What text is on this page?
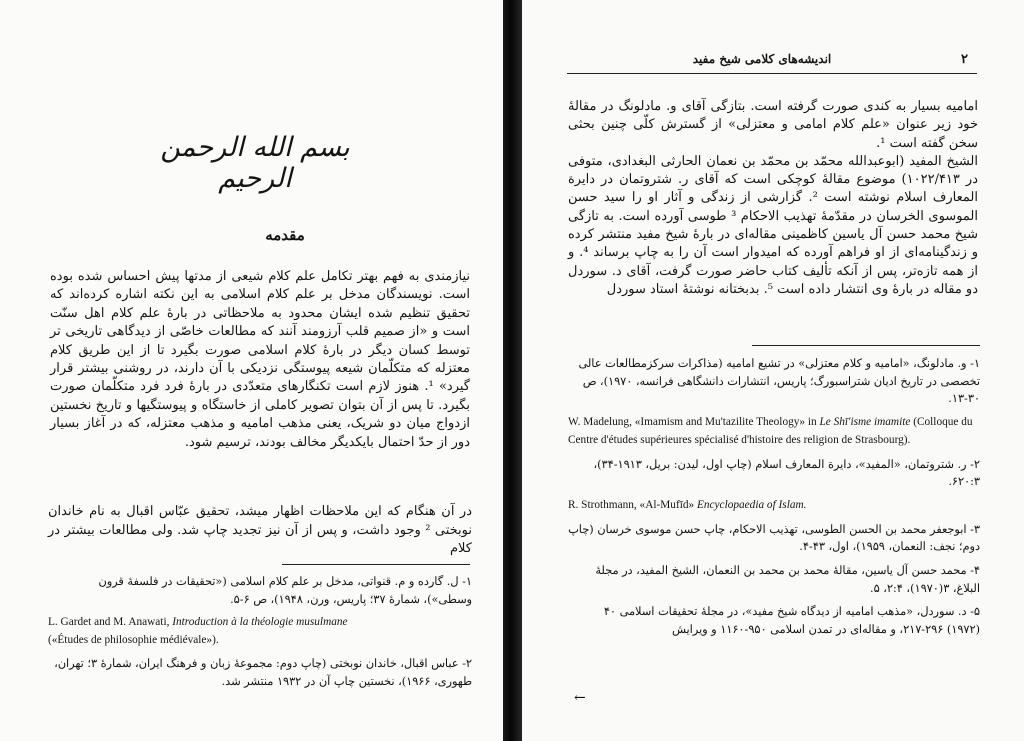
بسم الله الرحمن الرحيم
مقدمه

نیازمندی به فهم بهتر تکامل علم کلام شیعی از مدتها پیش احساس شده بوده است. نویسندگان مدخل بر علم کلام اسلامی به این نکته اشاره کرده‌اند که تحقیق تنظیم شده ایشان محدود به ملاحظاتی در بارهٔ علم کلام اهل سنّت است و «از صمیم قلب آرزومند آنند که مطالعات خاصّی از دیدگاهی تاریخی تر توسط کسان دیگر در بارهٔ کلام اسلامی صورت بگیرد تا از این طریق کلام معتزله که متکلّمان شیعه پیوستگی نزدیکی با آن دارند، در روشنی بیشتر قرار گیرد» ¹. هنوز لازم است تکنگارهای متعدّدی در بارهٔ فرد فرد متکلّمان صورت بگیرد. تا پس از آن بتوان تصویر کاملی از خاستگاه و پیوستگیها و تاریخ نخستین ازدواج میان دو شریک، یعنی مذهب امامیه و مذهب معتزله، که در آغاز بسیار دور از حدّ احتمال بایکدیگر مخالف بودند، ترسیم شود.

در آن هنگام که این ملاحظات اظهار میشد، تحقیق عبّاس اقبال به نام خاندان نوبختی ² وجود داشت، و پس از آن نیز تجدید چاپ شد. ولی مطالعات بیشتر در کلام

۱- ل. گارده و م. قنواتی، مدخل بر علم کلام اسلامی («تحقیقات در فلسفهٔ قرون وسطی»)، شمارهٔ ۳۷؛ پاریس، ورن، ۱۹۴۸)، ص ۶-۵.

L. Gardet and M. Anawati, Introduction à la théologie musulmane
(«Études de philosophie médiévale»).

۲- عباس اقبال، خاندان نوبختی (چاپ دوم: مجموعهٔ زبان و فرهنگ ایران، شمارهٔ ۳؛ تهران، طهوری، ۱۹۶۶)، نخستین چاپ آن در ۱۹۳۲ منتشر شد.

۲
اندیشه‌های کلامی شیخ مفید

امامیه بسیار به کندی صورت گرفته است. بتازگی آقای و. مادلونگ در مقالهٔ خود زیر عنوان «علم کلام امامی و معتزلی» از گسترش کلّی چنین بحثی سخن گفته است ¹.

الشیخ المفید (ابوعبدالله محمّد بن محمّد بن نعمان الحارثی البغدادی، متوفی در ۱۰۲۲/۴۱۳) موضوع مقالهٔ کوچکی است که آقای ر. شتروتمان در دایرة المعارف اسلام نوشته است ². گزارشی از زندگی و آثار او را سید حسن الموسوی الخرسان در مقدّمهٔ تهذیب الاحکام ³ طوسی آورده است. به تازگی شیخ محمد حسن آل یاسین کاظمینی مقاله‌ای در بارهٔ شیخ مفید منتشر کرده و زندگینامه‌ای از او فراهم آورده که امیدوار است آن را به چاپ برساند ⁴. و از همه تازه‌تر، پس از آنکه تألیف کتاب حاضر صورت گرفت، آقای د. سوردل دو مقاله در بارهٔ وی انتشار داده است ⁵. بدبختانه نوشتهٔ استاد سوردل

۱- و. مادلونگ، «امامیه و کلام معتزلی» در تشیع امامیه (مذاکرات سرکزمطالعات عالی تخصصی در تاریخ ادیان شتراسبورگ؛ پاریس، انتشارات دانشگاهی فرانسه، ۱۹۷۰)، ص ۳۰-۱۳.

W. Madelung, «Imamism and Mu'tazilite Theology» in Le Shī'isme imamite (Colloque du Centre d'études supérieures spécialisé d'histoire des religion de Strasbourg).

۲- ر. شتروتمان، «المفید»، دایرة المعارف اسلام (چاپ اول، لیدن: بریل، ۱۹۱۳-۳۴)، ۶۲۰:۳.

R. Strothmann, «Al-Mufīd» Encyclopaedia of Islam.

۳- ابوجعفر محمد بن الحسن الطوسی، تهذیب الاحکام، چاپ حسن موسوی خرسان (چاپ دوم؛ نجف: النعمان، ۱۹۵۹)، اول، ۴۳-۴.

۴- محمد حسن آل یاسین، مقالهٔ محمد بن محمد بن النعمان، الشیخ المفید، در مجلهٔ البلاغ، ۳(۱۹۷۰)، ۲:۴، ۵.

۵- د. سوردل، «مذهب امامیه از دیدگاه شیخ مفید»، در مجلهٔ تحقیقات اسلامی ۴۰ (۱۹۷۲) ۲۹۶-۲۱۷، و مقاله‌ای در تمدن اسلامی ۹۵۰-۱۱۶۰ و ویرایش

←
